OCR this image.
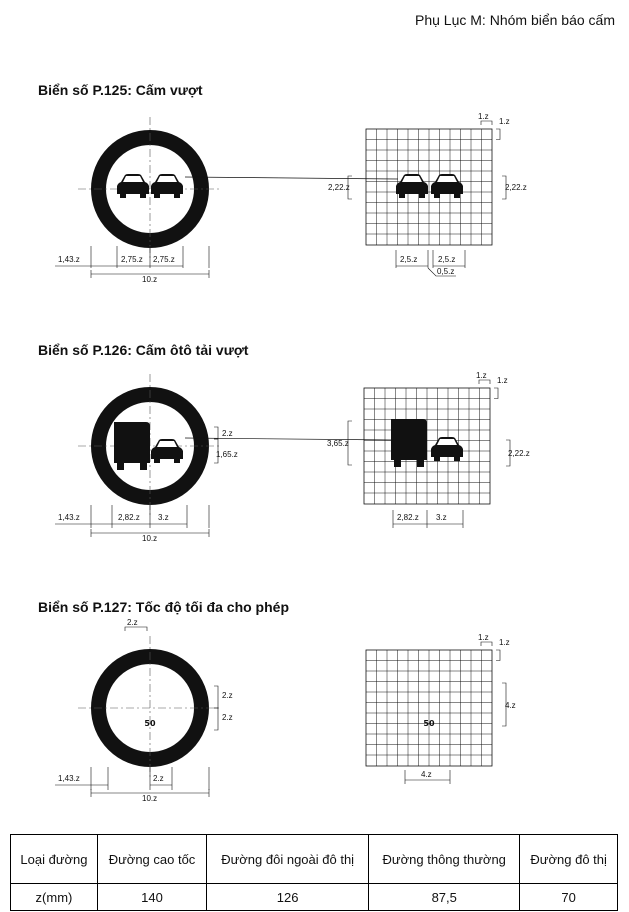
Phụ Lục M: Nhóm biển báo cấm
Biển số P.125: Cấm vượt
Biển số P.126: Cấm ôtô tải vượt
Biển số P.127: Tốc độ tối đa cho phép
1,43.z	2,75.z 2,75.z
10.z
1.z
1.z
2,22.z	2,22.z
2,5.z	2,5.z
0,5.z
2.z
1,65.z
1,43.z	2,82.z 3.z
10.z
1.z
1.z
3,65.z
2,22.z
2,82.z 3.z
50
2.z
2.z
2.z
1,43.z	2.z
10.z
50
1.z
1.z
4.z
4.z
Loại đường	Đường cao tốc	Đường đôi ngoài đô thị	Đường thông thường	Đường đô thị
z(mm)	140	126	87,5	70
